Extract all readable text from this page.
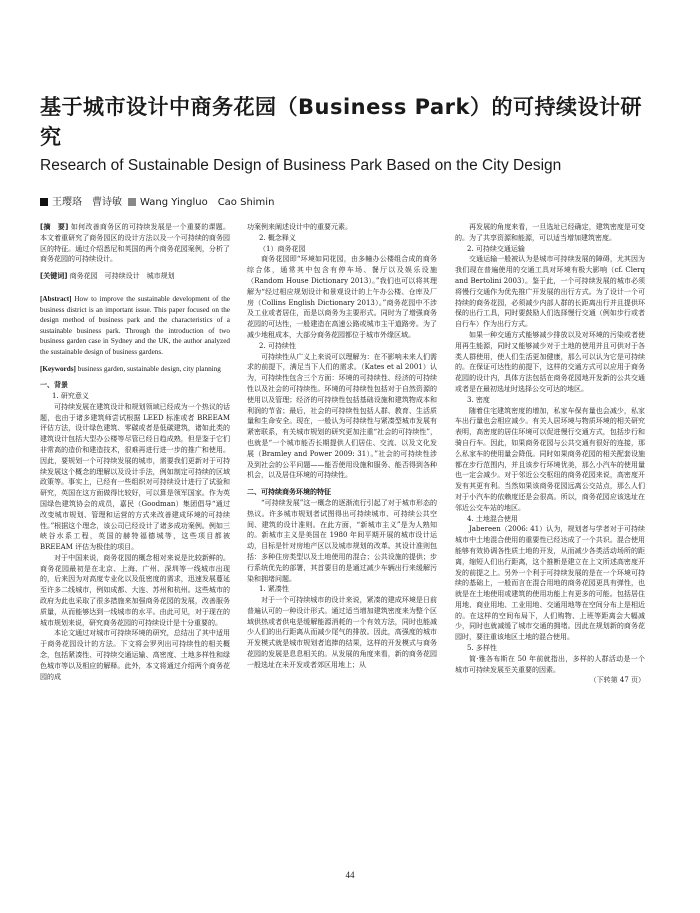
基于城市设计中商务花园（Business Park）的可持续设计研究
Research of Sustainable Design of Business Park Based on the City Design
王璎珞　曹诗敏 Wang Yingluo　Cao Shimin

[摘　要] 如何改善商务区的可持续发展是一个重要的课题。本文着重研究了商务园区的设计方法以及一个可持续的商务园区的特征。通过介绍悉尼和英国的两个商务花园案例，分析了商务花园的可持续设计。

[关键词] 商务花园　可持续设计　城市规划

[Abstract] How to improve the sustainable development of the business district is an important issue. This paper focused on the design method of business park and the characteristics of a sustainable business park. Through the introduction of two business garden case in Sydney and the UK, the author analyzed the sustainable design of business gardens.

[Keywords] business garden, sustainable design, city planning

一、背景

1. 研究意义

可持续发展在建筑设计和规划领域已经成为一个热议的话题，也由于诸多建筑师尝试根据 LEED 标准或者 BREEAM 评估方法，设计绿色建筑、零碳或者是低碳建筑，诸如此类的建筑设计包括大型办公楼等尽管已经日趋成熟，但是鉴于它们非常高的造价和建造技术，很难再进行进一步的推广和使用。因此，要规划一个可持续发展的城市，需要我们更新对于可持续发展这个概念的理解以及设计手法，例如制定可持续的区域政策等。事实上，已经有一些组织对可持续设计进行了试验和研究，英国在这方面做得比较好，可以算是领军国家。作为英国绿色建筑协会的成员，嘉民（Goodman）集团倡导“通过改变城市规划、管理和运营的方式来改善建成环境的可持续性。”根据这个理念，该公司已经设计了诸多成功案例。例如三峡谷水系工程，英国的赫特福德城等，这些项目都被 BREEAM 评估为极佳的项目。

对于中国来说，商务花园的概念相对来说是比较新鲜的。商务花园最初是在北京、上海、广州、深圳等一线城市出现的，后来因为对高度专业化以及低密度的需求，迅速发展蔓延至许多二线城市，例如成都、大连、苏州和杭州。这些城市的政府为此也采取了很多措施来加强商务花园的发展，改善服务质量，从而能够达到一线城市的水平。由此可见，对于现在的城市规划来说，研究商务花园的可持续设计是十分重要的。

本论文通过对城市可持续环境的研究，总结出了其中适用于商务花园设计的方法。下文将会罗列出可持续性的相关概念，包括紧凑性、可持续交通运输、高密度、土地多样性和绿色城市等以及相应的解释。此外，本文将通过介绍两个商务花园的成

功案例来阐述设计中的重要元素。

2. 概念释义

（1）商务花园

商务花园即“环境如同花园，由多幢办公楼组合成的商务综合体，通常其中包含有停车场、餐厅以及娱乐设施（Random House Dictionary 2013）。”我们也可以将其理解为“经过相应规划设计和景观设计的上午办公楼、仓库及厂房（Collins English Dictionary 2013）。”商务花园中不涉及工业或者居住，而是以商务为主要形式。同时为了增强商务花园的可达性，一般建造在高速公路或城市主干道路旁。为了减少地租成本，大部分商务花园都位于城市外缘区域。

2. 可持续性

可持续性从广义上来说可以理解为：在不影响未来人们需求的前提下，满足当下人们的需求。（Kates et al 2001）认为，可持续性包含三个方面：环境的可持续性、经济的可持续性以及社会的可持续性。环境的可持续性包括对于自然资源的使用以及管理；经济的可持续性包括基础设施和建筑物成本和利润的节省；最后，社会的可持续性包括人群、教育、生活质量和生命安全。现在，一般认为可持续性与紧凑型城市发展有紧密联系，有关城市规划的研究更加注重“社会的可持续性”，也就是“一个城市能否长期提供人们居住、交流、以及文化发展（Bramley and Power 2009: 31）。”社会的可持续性涉及到社会的公平问题——能否使用设施和服务、能否得到各种机会，以及居住环境的可持续性。

二、可持续商务环境的特征

“可持续发展”这一概念的逐渐流行引起了对于城市形态的热议。许多城市规划者试图得出可持续城市、可持续公共空间、建筑的设计准则。在此方面，“新城市主义”是为人熟知的。新城市主义是美国在 1980 年间平期开展的城市设计运动，目标是针对房地产区以及城市规划的改革。其设计准则包括：多种住房类型以及土地使用的混合；公共设施的提供；步行系统优先的部署，其首要目的是通过减少车辆出行来缓解污染和拥堵问题。

1. 紧凑性

对于一个可持续城市的设计来说，紧凑的建成环境是日前普遍认可的一种设计形式。通过适当增加建筑密度来为整个区域供热或者供电是缓解能源消耗的一个有效方法，同时也能减少人们的出行距离从而减少尾气的排放。因此，高强度的城市开发模式就是城市规划者追捧的结果，这样的开发模式与商务花园的发展是息息相关的。从发展的角度来看，新的商务花园一般选址在未开发或者郊区用地上；从

再发展的角度来看，一旦选址已经确定，建筑密度是可变的。为了共享资源和能源，可以适当增加建筑密度。

2. 可持续交通运输

交通运输一般被认为是城市可持续发展的障碍，尤其因为我们现在普遍使用的交通工具对环境有极大影响（cf. Clerq and Bertolini 2003）。鉴于此，一个可持续发展的城市必须将慢行交通作为优先推广开发展的出行方式。为了设计一个可持续的商务花园，必须减少内部人群的长距离出行并且提供环保的出行工具，同时要鼓励人们选择慢行交通（例如步行或者自行车）作为出行方式。

如果一种交通方式能够减少排放以及对环境的污染或者使用再生能源，同时又能够减少对于土地的使用并且可供对于各类人群使用，使人们生活更加健康，那么可以认为它是可持续的。在保证可达性的前提下，这样的交通方式可以应用于商务花园的设计内，具体方法包括在商务花园地开发新的公共交通或者是在最初选址时选择公交可达的地区。

3. 密度

随着住宅建筑密度的增加，私家车保有量也会减少，私家车出行量也会相应减少。有关人居环境与物质环境的相关研究表明，高密度的居住环境可以促进慢行交通方式，包括步行和骑自行车。因此，如果商务花园与公共交通有很好的连接，那么私家车的使用量会降低。同时如果商务花园的相关配套设施都在步行范围内，并且该步行环境优美，那么小汽车的使用量也一定会减少。对于邻近公交枢纽的商务花园来说，高密度开发有其更有利。当然如果该商务花园远离公交站点，那么人们对于小汽车的依赖度还是会很高。所以，商务花园应该选址在邻近公交车站的地区。

4. 土地混合使用

Jabereen（2006: 41）认为，规划者与学者对于可持续城市中土地混合使用的重要性已经达成了一个共识。混合使用能够有效协调各性质土地的开发，从而减少各类活动场所的距离，缩短人们出行距离，这个推断是建立在上文所述高密度开发的前提之上。另外一个利于可持续发展的是在一个环境可持续的基础上，一般而言在混合用地的商务花园更具有弹性，也就是在土地使用或建筑的使用功能上有更多的可能。包括居住用地、商业用地、工业用地、交通用地等在空间分布上是相近的。在这样的空间布局下，人们购物、上班等距离会大幅减少，同时也就减缓了城市交通的拥堵。因此在规划新的商务花园时，要注重该地区土地的混合使用。

5. 多样性

简·雅各布斯在 50 年前就指出，多样的人群活动是一个城市可持续发展至关重要的因素。

（下转第 47 页）

44
